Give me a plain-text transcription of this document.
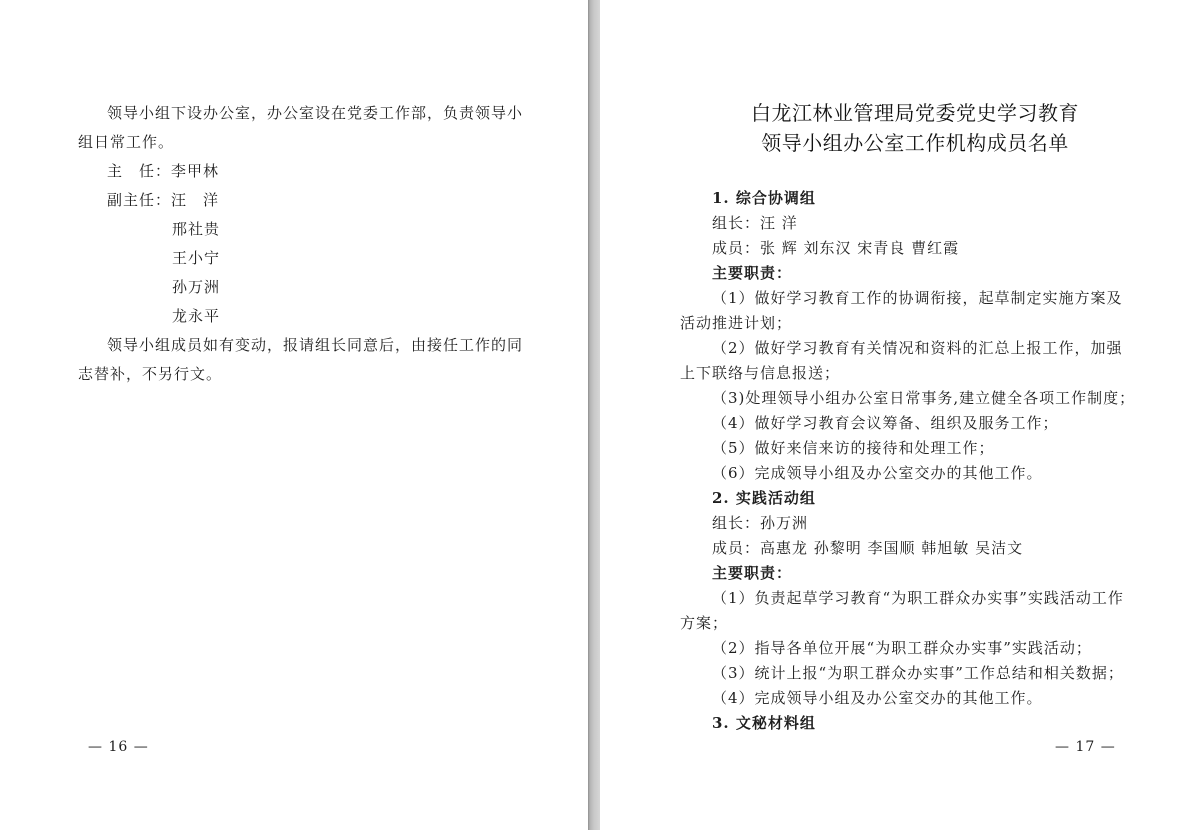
领导小组下设办公室，办公室设在党委工作部，负责领导小
组日常工作。
主　任：李甲林
副主任：汪　洋
邢社贵
王小宁
孙万洲
龙永平
领导小组成员如有变动，报请组长同意后，由接任工作的同
志替补，不另行文。
— 16 —
白龙江林业管理局党委党史学习教育
领导小组办公室工作机构成员名单
1. 综合协调组
组长：汪 洋
成员：张 辉 刘东汉 宋青良 曹红霞
主要职责：
（1）做好学习教育工作的协调衔接，起草制定实施方案及
活动推进计划；
（2）做好学习教育有关情况和资料的汇总上报工作，加强
上下联络与信息报送；
（3)处理领导小组办公室日常事务,建立健全各项工作制度；
（4）做好学习教育会议筹备、组织及服务工作；
（5）做好来信来访的接待和处理工作；
（6）完成领导小组及办公室交办的其他工作。
2. 实践活动组
组长：孙万洲
成员：高惠龙 孙黎明 李国顺 韩旭敏 吴洁文
主要职责：
（1）负责起草学习教育“为职工群众办实事”实践活动工作
方案；
（2）指导各单位开展“为职工群众办实事”实践活动；
（3）统计上报“为职工群众办实事”工作总结和相关数据；
（4）完成领导小组及办公室交办的其他工作。
3. 文秘材料组
— 17 —
